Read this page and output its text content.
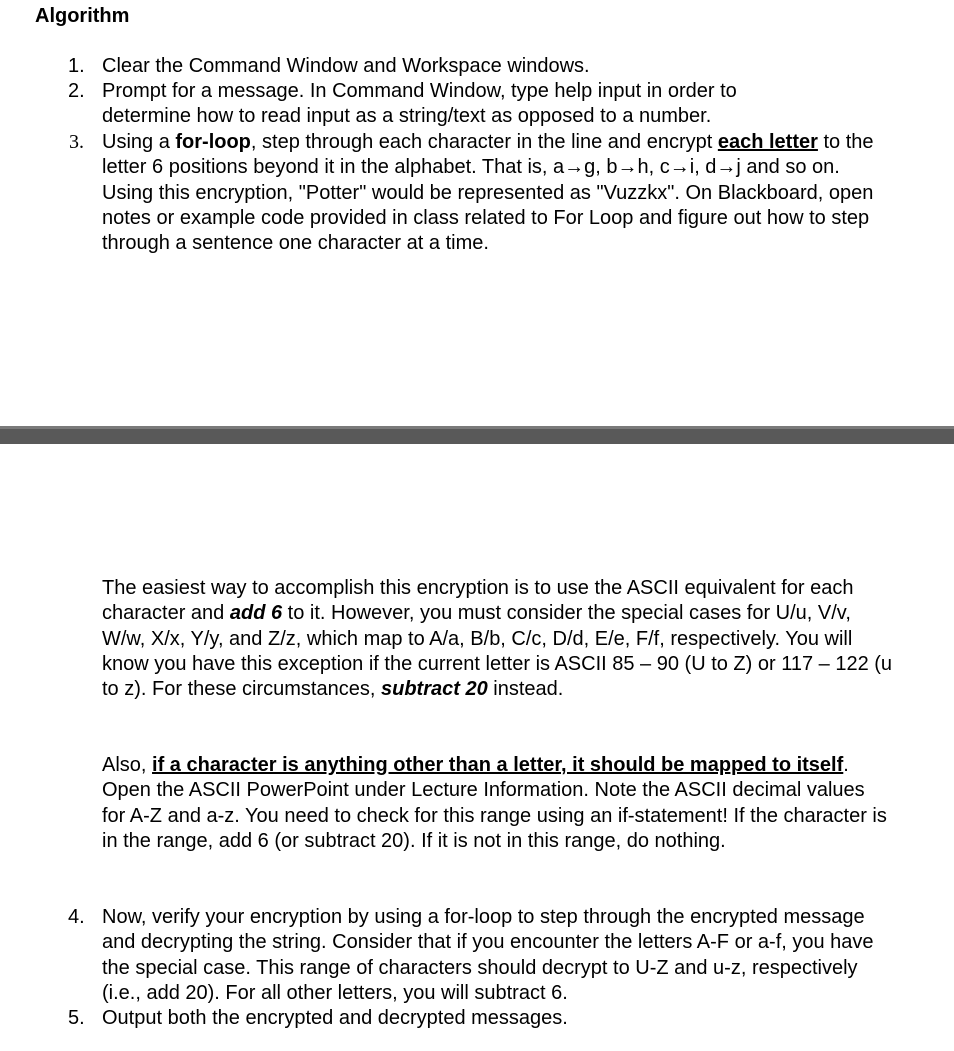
Algorithm
1. Clear the Command Window and Workspace windows.
2. Prompt for a message. In Command Window, type help input in order to determine how to read input as a string/text as opposed to a number.
3. Using a for-loop, step through each character in the line and encrypt each letter to the letter 6 positions beyond it in the alphabet. That is, a→g, b→h, c→i, d→j and so on. Using this encryption, "Potter" would be represented as "Vuzzkx". On Blackboard, open notes or example code provided in class related to For Loop and figure out how to step through a sentence one character at a time.
The easiest way to accomplish this encryption is to use the ASCII equivalent for each character and add 6 to it. However, you must consider the special cases for U/u, V/v, W/w, X/x, Y/y, and Z/z, which map to A/a, B/b, C/c, D/d, E/e, F/f, respectively. You will know you have this exception if the current letter is ASCII 85 – 90 (U to Z) or 117 – 122 (u to z). For these circumstances, subtract 20 instead.
Also, if a character is anything other than a letter, it should be mapped to itself. Open the ASCII PowerPoint under Lecture Information. Note the ASCII decimal values for A-Z and a-z. You need to check for this range using an if-statement! If the character is in the range, add 6 (or subtract 20). If it is not in this range, do nothing.
4. Now, verify your encryption by using a for-loop to step through the encrypted message and decrypting the string. Consider that if you encounter the letters A-F or a-f, you have the special case. This range of characters should decrypt to U-Z and u-z, respectively (i.e., add 20). For all other letters, you will subtract 6.
5. Output both the encrypted and decrypted messages.
